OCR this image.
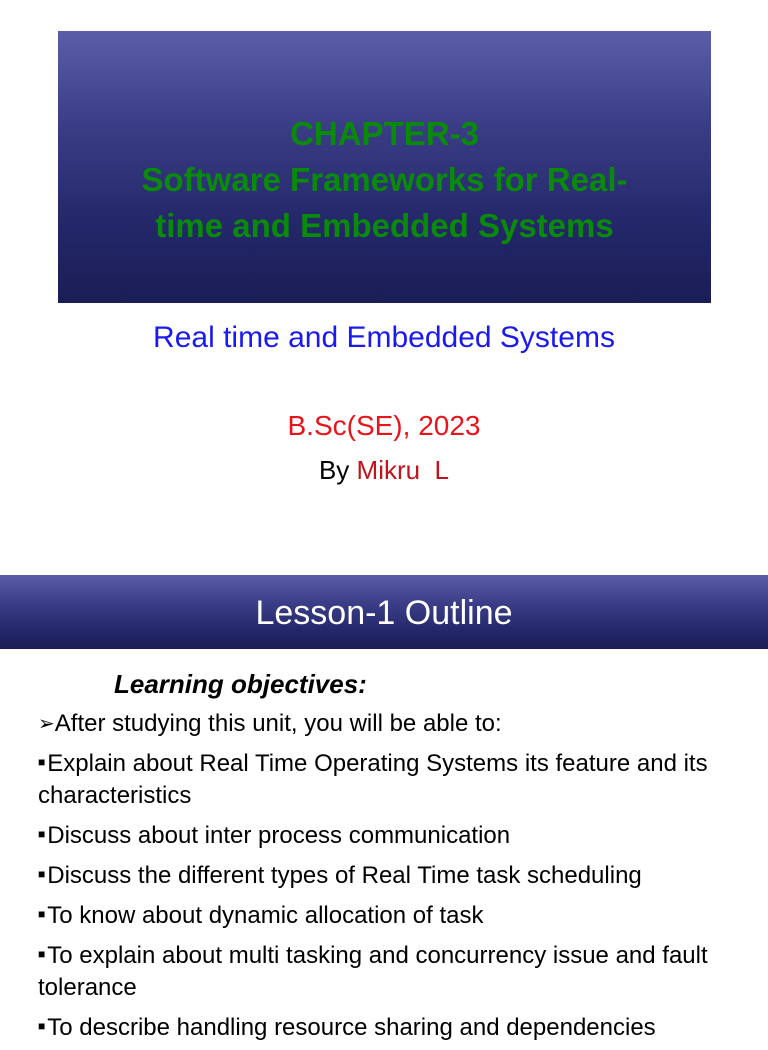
CHAPTER-3
Software Frameworks for Real-
time and Embedded Systems
Real time and Embedded Systems
B.Sc(SE), 2023
By Mikru  L
Lesson-1 Outline
Learning objectives:
➢After studying this unit, you will be able to:
■Explain about Real Time Operating Systems its feature and its characteristics
■Discuss about inter process communication
■Discuss the different types of Real Time task scheduling
■To know about dynamic allocation of task
■To explain about multi tasking and concurrency issue and fault tolerance
■To describe handling resource sharing and dependencies
